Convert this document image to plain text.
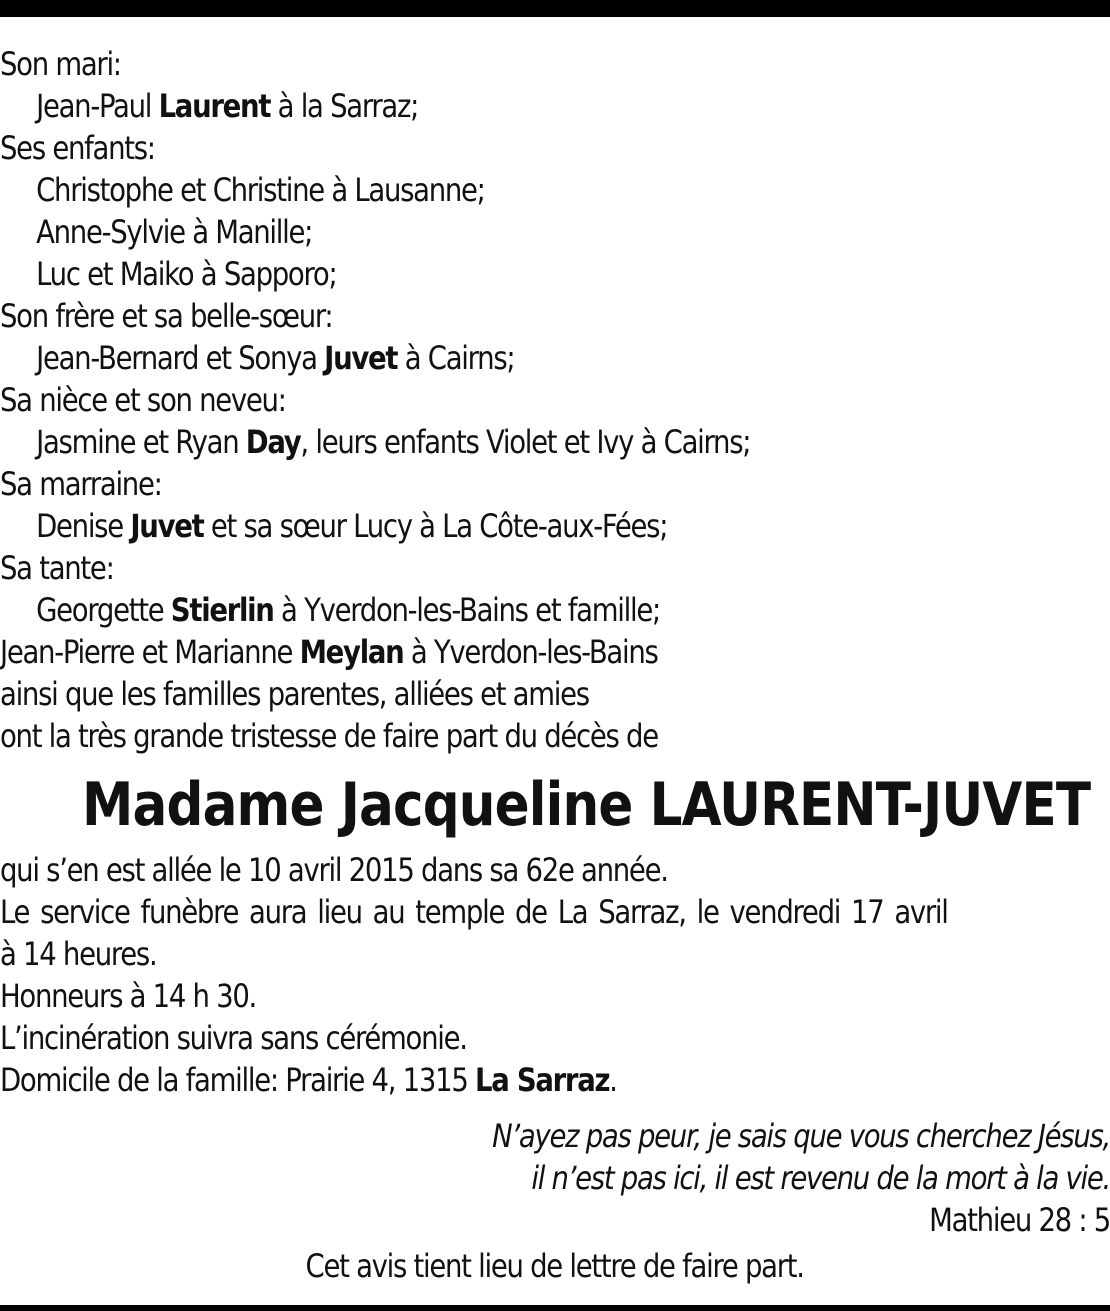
Son mari:
Jean-Paul Laurent à la Sarraz;
Ses enfants:
Christophe et Christine à Lausanne;
Anne-Sylvie à Manille;
Luc et Maiko à Sapporo;
Son frère et sa belle-sœur:
Jean-Bernard et Sonya Juvet à Cairns;
Sa nièce et son neveu:
Jasmine et Ryan Day, leurs enfants Violet et Ivy à Cairns;
Sa marraine:
Denise Juvet et sa sœur Lucy à La Côte-aux-Fées;
Sa tante:
Georgette Stierlin à Yverdon-les-Bains et famille;
Jean-Pierre et Marianne Meylan à Yverdon-les-Bains
ainsi que les familles parentes, alliées et amies
ont la très grande tristesse de faire part du décès de
Madame Jacqueline LAURENT-JUVET
qui s’en est allée le 10 avril 2015 dans sa 62e année.
Le service funèbre aura lieu au temple de La Sarraz, le vendredi 17 avril
à 14 heures.
Honneurs à 14 h 30.
L’incinération suivra sans cérémonie.
Domicile de la famille: Prairie 4, 1315 La Sarraz.
N’ayez pas peur, je sais que vous cherchez Jésus,
il n’est pas ici, il est revenu de la mort à la vie.
Mathieu 28 : 5
Cet avis tient lieu de lettre de faire part.
